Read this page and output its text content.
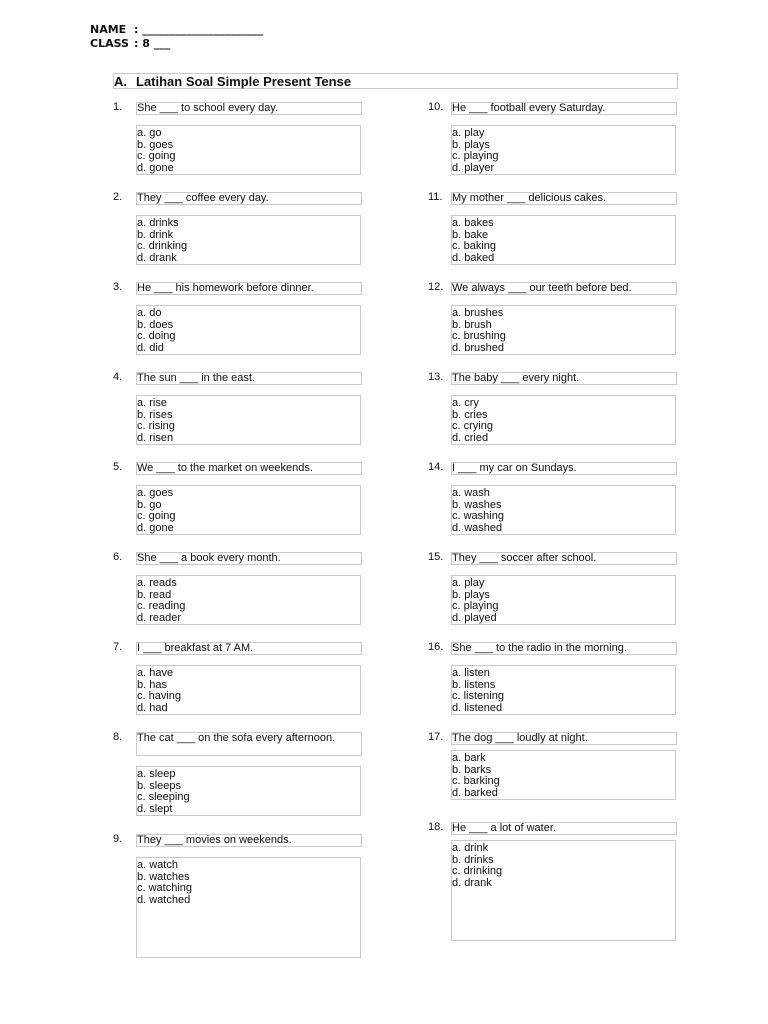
NAME : ______________________
CLASS : 8 ___
A. Latihan Soal Simple Present Tense
1.	She ___ to school every day.
a. go
b. goes
c. going
d. gone
2.	They ___ coffee every day.
a. drinks
b. drink
c. drinking
d. drank
3.	He ___ his homework before dinner.
a. do
b. does
c. doing
d. did
4.	The sun ___ in the east.
a. rise
b. rises
c. rising
d. risen
5.	We ___ to the market on weekends.
a. goes
b. go
c. going
d. gone
6.	She ___ a book every month.
a. reads
b. read
c. reading
d. reader
7.	I ___ breakfast at 7 AM.
a. have
b. has
c. having
d. had
8.	The cat ___ on the sofa every afternoon.
a. sleep
b. sleeps
c. sleeping
d. slept
9.	They ___ movies on weekends.
a. watch
b. watches
c. watching
d. watched
10. He ___ football every Saturday.
a. play
b. plays
c. playing
d. player
11. My mother ___ delicious cakes.
a. bakes
b. bake
c. baking
d. baked
12. We always ___ our teeth before bed.
a. brushes
b. brush
c. brushing
d. brushed
13. The baby ___ every night.
a. cry
b. cries
c. crying
d. cried
14. I ___ my car on Sundays.
a. wash
b. washes
c. washing
d. washed
15. They ___ soccer after school.
a. play
b. plays
c. playing
d. played
16. She ___ to the radio in the morning.
a. listen
b. listens
c. listening
d. listened
17. The dog ___ loudly at night.
a. bark
b. barks
c. barking
d. barked
18. He ___ a lot of water.
a. drink
b. drinks
c. drinking
d. drank
